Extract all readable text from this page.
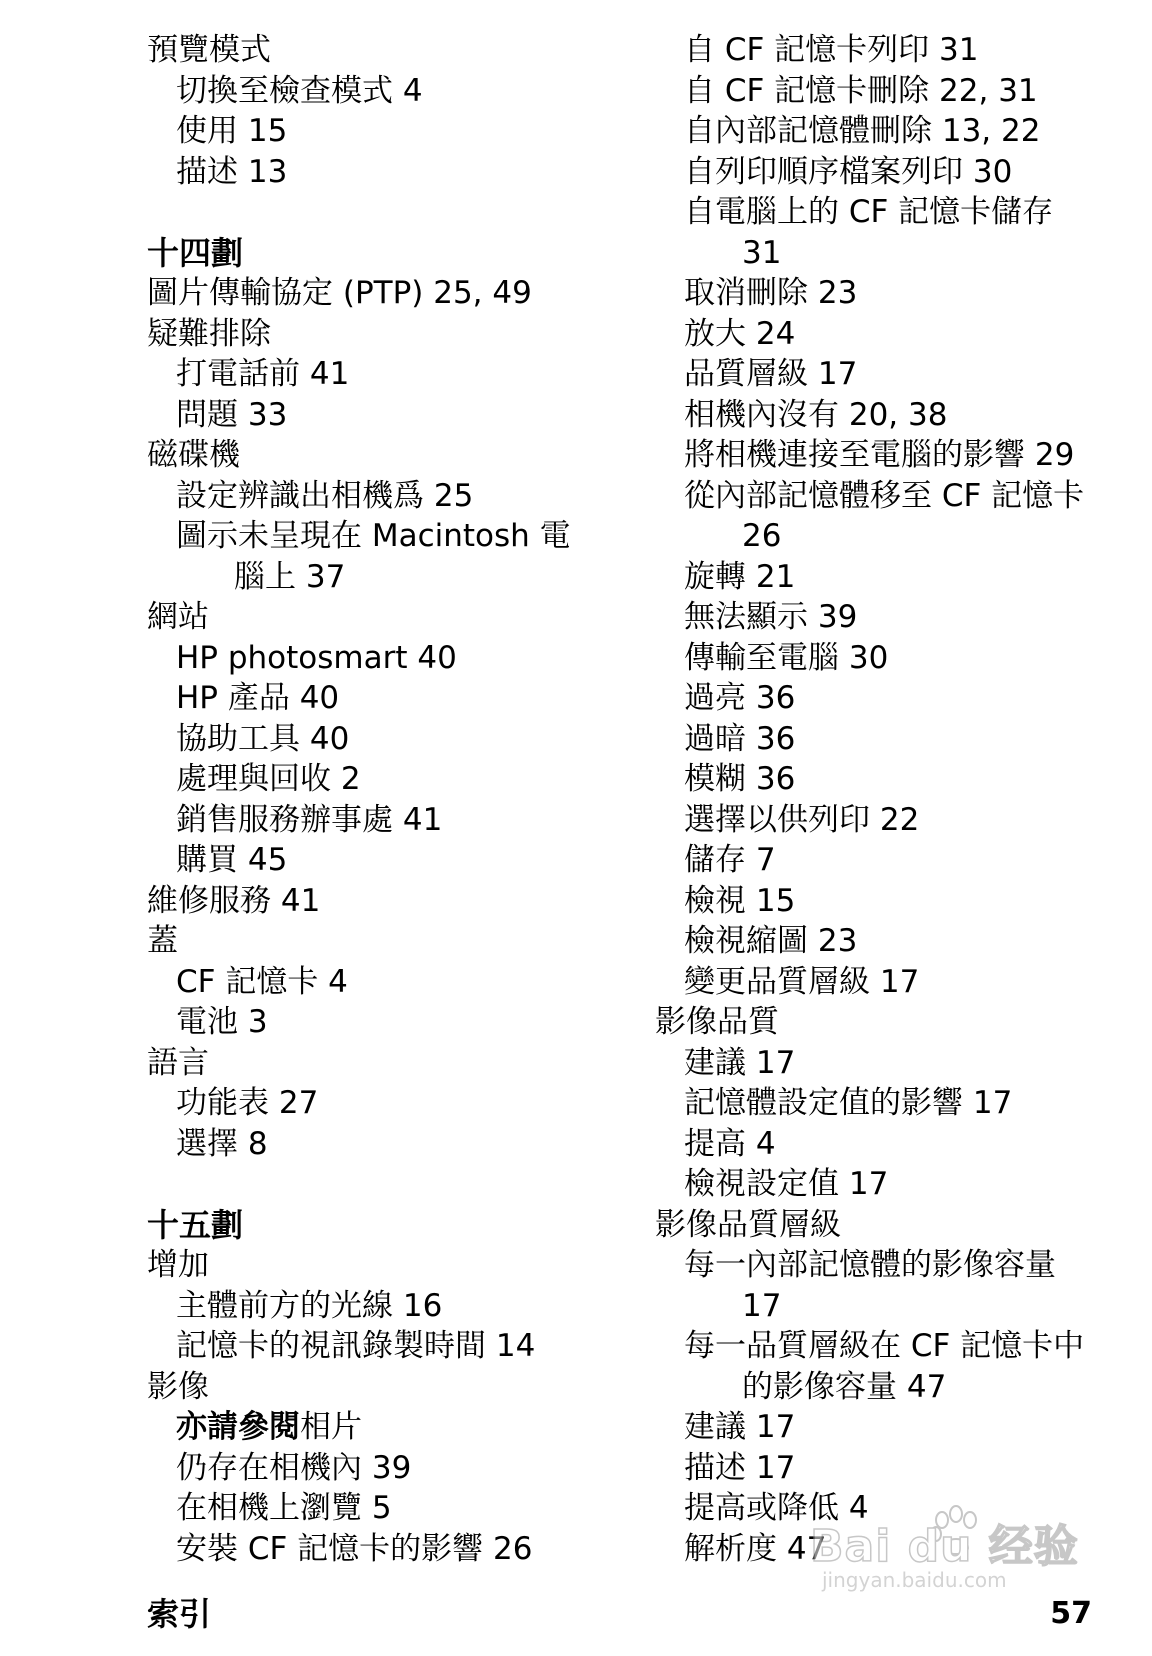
預覽模式
切換至檢查模式 4
使用 15
描述 13
十四劃
圖片傳輸協定 (PTP) 25, 49
疑難排除
打電話前 41
問題 33
磁碟機
設定辨識出相機爲 25
圖示未呈現在 Macintosh 電
腦上 37
網站
HP photosmart 40
HP 產品 40
協助工具 40
處理與回收 2
銷售服務辦事處 41
購買 45
維修服務 41
蓋
CF 記憶卡 4
電池 3
語言
功能表 27
選擇 8
十五劃
增加
主體前方的光線 16
記憶卡的視訊錄製時間 14
影像
亦請參閱相片
仍存在相機內 39
在相機上瀏覽 5
安裝 CF 記憶卡的影響 26
自 CF 記憶卡列印 31
自 CF 記憶卡刪除 22, 31
自內部記憶體刪除 13, 22
自列印順序檔案列印 30
自電腦上的 CF 記憶卡儲存
31
取消刪除 23
放大 24
品質層級 17
相機內沒有 20, 38
將相機連接至電腦的影響 29
從內部記憶體移至 CF 記憶卡
26
旋轉 21
無法顯示 39
傳輸至電腦 30
過亮 36
過暗 36
模糊 36
選擇以供列印 22
儲存 7
檢視 15
檢視縮圖 23
變更品質層級 17
影像品質
建議 17
記憶體設定值的影響 17
提高 4
檢視設定值 17
影像品質層級
每一內部記憶體的影像容量
17
每一品質層級在 CF 記憶卡中
的影像容量 47
建議 17
描述 17
提高或降低 4
解析度 47
索引	57
Bai du 经验
jingyan.baidu.com
